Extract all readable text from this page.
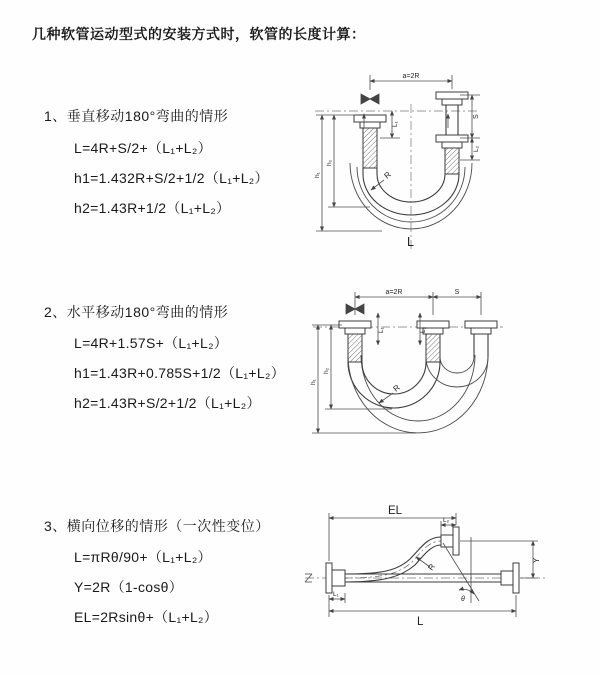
几种软管运动型式的安装方式时，软管的长度计算：
1、垂直移动180°弯曲的情形
L=4R+S/2+（L₁+L₂）
h1=1.432R+S/2+1/2（L₁+L₂）
h2=1.43R+1/2（L₁+L₂）
2、水平移动180°弯曲的情形
L=4R+1.57S+（L₁+L₂）
h1=1.43R+0.785S+1/2（L₁+L₂）
h2=1.43R+S/2+1/2（L₁+L₂）
3、横向位移的情形（一次性变位）
L=πRθ/90+（L₁+L₂）
Y=2R（1-cosθ）
EL=2Rsinθ+（L₁+L₂）
a=2R
L₁
S
L₂
h₁
h₂
R
L
a=2R	S
L₁	L₂
h₁
h₂
R
EL
L₂
Y
θ
R
L₁
L
